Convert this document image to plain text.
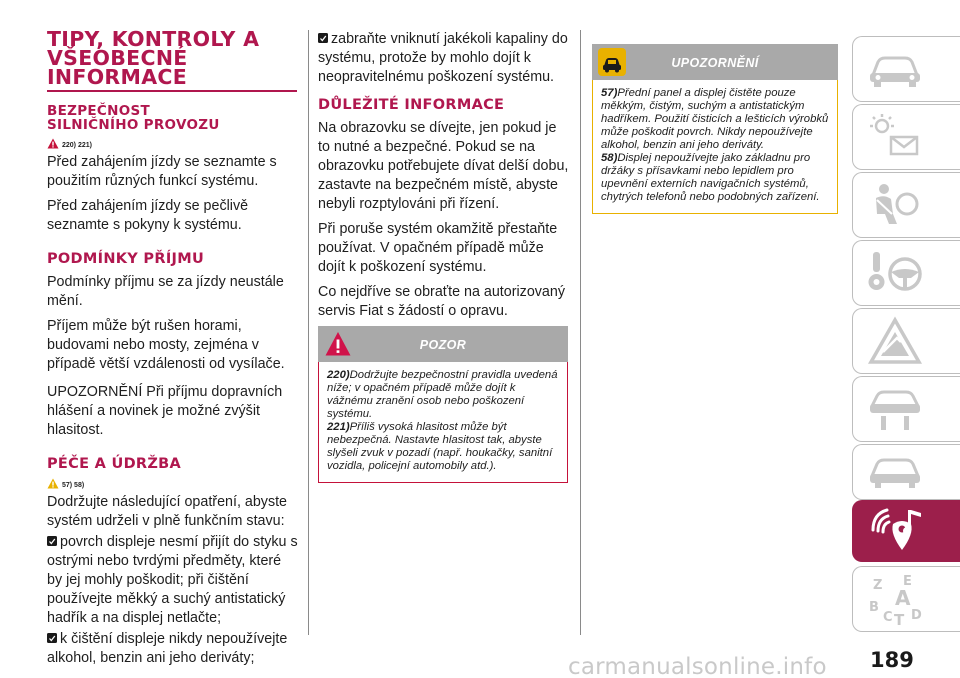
TIPY, KONTROLY A
VŠEOBECNÉ
INFORMACE
BEZPEČNOST
SILNIČNÍHO PROVOZU
220) 221)
Před zahájením jízdy se seznamte s použitím různých funkcí systému.
Před zahájením jízdy se pečlivě seznamte s pokyny k systému.
PODMÍNKY PŘÍJMU
Podmínky příjmu se za jízdy neustále mění.
Příjem může být rušen horami, budovami nebo mosty, zejména v případě větší vzdálenosti od vysílače.
UPOZORNĚNÍ Při příjmu dopravních hlášení a novinek je možné zvýšit hlasitost.
PÉČE A ÚDRŽBA
57) 58)
Dodržujte následující opatření, abyste systém udrželi v plně funkčním stavu:
povrch displeje nesmí přijít do styku s ostrými nebo tvrdými předměty, které by jej mohly poškodit; při čištění používejte měkký a suchý antistatický hadřík a na displej netlačte;
k čištění displeje nikdy nepoužívejte alkohol, benzin ani jeho deriváty;
zabraňte vniknutí jakékoli kapaliny do systému, protože by mohlo dojít k neopravitelnému poškození systému.
DŮLEŽITÉ INFORMACE
Na obrazovku se dívejte, jen pokud je to nutné a bezpečné. Pokud se na obrazovku potřebujete dívat delší dobu, zastavte na bezpečném místě, abyste nebyli rozptylováni při řízení.
Při poruše systém okamžitě přestaňte používat. V opačném případě může dojít k poškození systému.
Co nejdříve se obraťte na autorizovaný servis Fiat s žádostí o opravu.
POZOR
220)Dodržujte bezpečnostní pravidla uvedená níže; v opačném případě může dojít k vážnému zranění osob nebo poškození systému.
221)Příliš vysoká hlasitost může být nebezpečná. Nastavte hlasitost tak, abyste slyšeli zvuk v pozadí (např. houkačky, sanitní vozidla, policejní automobily atd.).
UPOZORNĚNÍ
57)Přední panel a displej čistěte pouze měkkým, čistým, suchým a antistatickým hadříkem. Použití čisticích a lešticích výrobků může poškodit povrch. Nikdy nepoužívejte alkohol, benzin ani jeho deriváty.
58)Displej nepoužívejte jako základnu pro držáky s přísavkami nebo lepidlem pro upevnění externích navigačních systémů, chytrých telefonů nebo podobných zařízení.
Z E
B A
C T D
carmanualsonline.info 189
